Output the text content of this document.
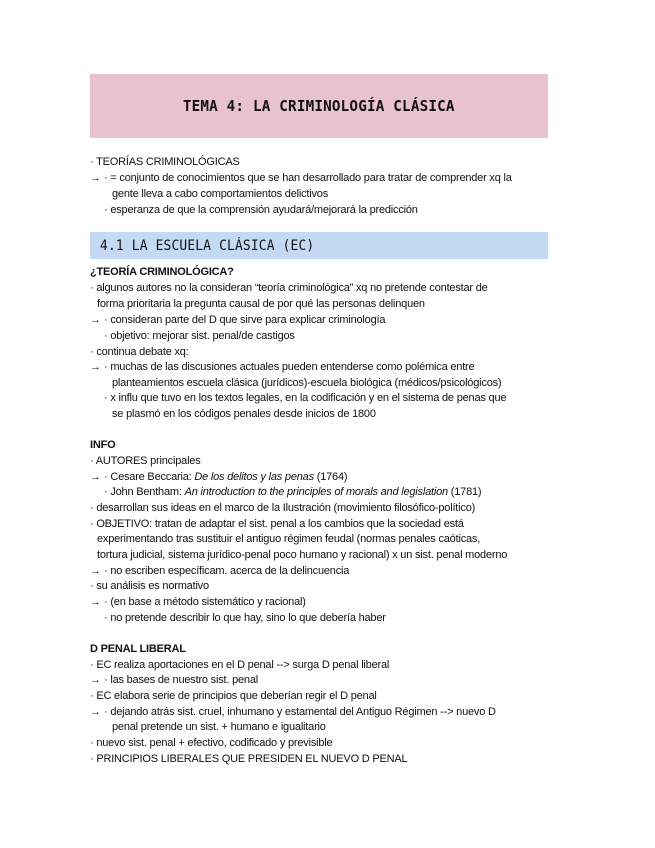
TEMA 4: LA CRIMINOLOGÍA CLÁSICA
· TEORÍAS CRIMINOLÓGICAS
→ · = conjunto de conocimientos que se han desarrollado para tratar de comprender xq la
gente lleva a cabo comportamientos delictivos
· esperanza de que la comprensión ayudará/mejorará la predicción
4.1 LA ESCUELA CLÁSICA (EC)
¿TEORÍA CRIMINOLÓGICA?
· algunos autores no la consideran “teoría criminológica” xq no pretende contestar de
forma prioritaria la pregunta causal de por qué las personas delinquen
→ · consideran parte del D que sirve para explicar criminología
· objetivo: mejorar sist. penal/de castigos
· continua debate xq:
→ · muchas de las discusiones actuales pueden entenderse como polémica entre
planteamientos escuela clásica (jurídicos)-escuela biológica (médicos/psicológicos)
· x influ que tuvo en los textos legales, en la codificación y en el sistema de penas que
se plasmó en los códigos penales desde inicios de 1800
INFO
· AUTORES principales
→ · Cesare Beccaria: De los delitos y las penas (1764)
· John Bentham: An introduction to the principles of morals and legislation (1781)
· desarrollan sus ideas en el marco de la Ilustración (movimiento filosófico-político)
· OBJETIVO: tratan de adaptar el sist. penal a los cambios que la sociedad está
experimentando tras sustituir el antiguo régimen feudal (normas penales caóticas,
tortura judicial, sistema jurídico-penal poco humano y racional) x un sist. penal moderno
→ · no escriben específicam. acerca de la delincuencia
· su análisis es normativo
→ · (en base a método sistemático y racional)
· no pretende describir lo que hay, sino lo que debería haber
D PENAL LIBERAL
· EC realiza aportaciones en el D penal --> surga D penal liberal
→ · las bases de nuestro sist. penal
· EC elabora serie de principios que deberían regir el D penal
→ · dejando atrás sist. cruel, inhumano y estamental del Antiguo Régimen --> nuevo D
penal pretende un sist. + humano e igualitario
· nuevo sist. penal + efectivo, codificado y previsible
· PRINCIPIOS LIBERALES QUE PRESIDEN EL NUEVO D PENAL
